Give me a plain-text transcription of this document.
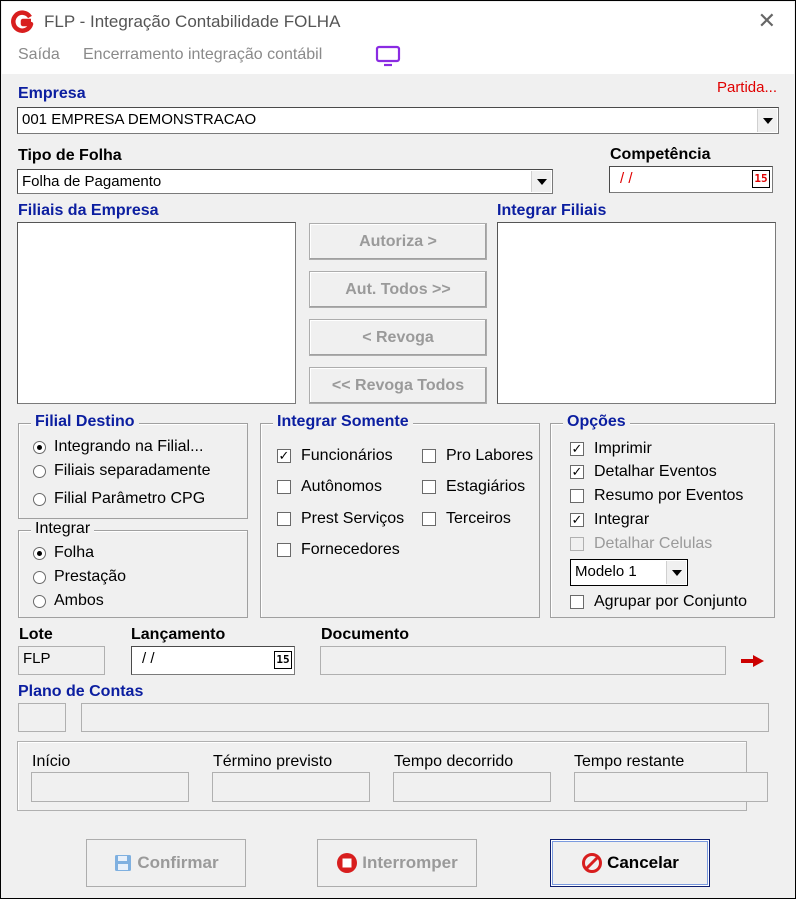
FLP - Integração Contabilidade FOLHA	✕
Saída Encerramento integração contábil
Empresa	Partida...
001 EMPRESA DEMONSTRACAO
Tipo de Folha
Folha de Pagamento
Competência
/ /	15
Filiais da Empresa	Integrar Filiais
Autoriza >
Aut. Todos >>
< Revoga
<< Revoga Todos
Filial Destino
Integrando na Filial...
Filiais separadamente
Filial Parâmetro CPG
Integrar
Folha
Prestação
Ambos
Integrar Somente
✓ Funcionários
Autônomos
Prest Serviços
Fornecedores
Pro Labores
Estagiários
Terceiros
Opções
✓ Imprimir
✓ Detalhar Eventos
Resumo por Eventos
✓ Integrar
Detalhar Celulas
Modelo 1
Agrupar por Conjunto
Lote
FLP
Lançamento
/ /	15
Documento
Plano de Contas
Início	Término previsto	Tempo decorrido	Tempo restante
Confirmar	Interromper	Cancelar
